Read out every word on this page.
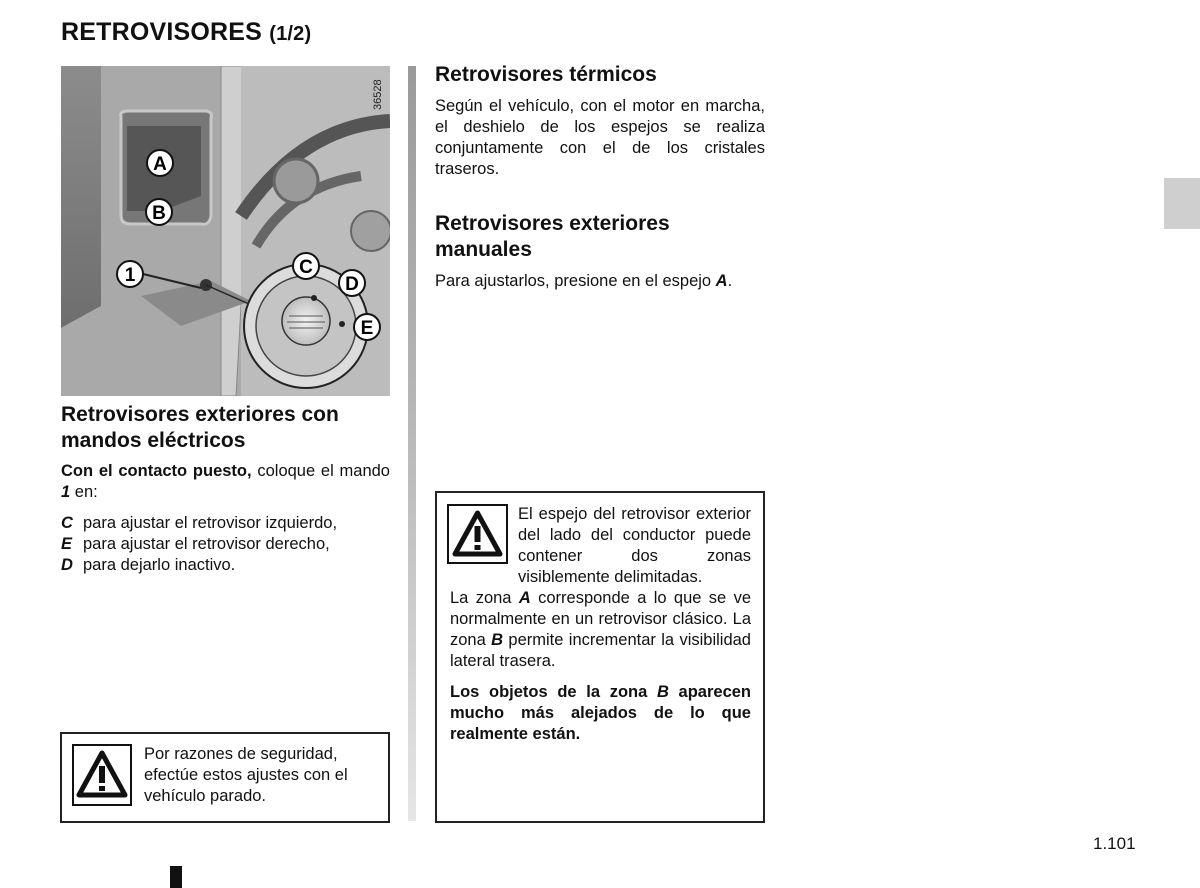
RETROVISORES (1/2)
A
B
1	C
D
E
36528
Retrovisores exteriores con mandos eléctricos
Con el contacto puesto, coloque el mando 1 en:
C para ajustar el retrovisor izquierdo,
E para ajustar el retrovisor derecho,
D para dejarlo inactivo.
Por razones de seguridad, efectúe estos ajustes con el vehículo parado.
Retrovisores térmicos
Según el vehículo, con el motor en marcha, el deshielo de los espejos se realiza conjuntamente con el de los cristales traseros.
Retrovisores exteriores manuales
Para ajustarlos, presione en el espejo A.
El espejo del retrovisor exterior del lado del conductor puede contener dos zonas visiblemente delimitadas.
La zona A corresponde a lo que se ve normalmente en un retrovisor clásico. La zona B permite incrementar la visibilidad lateral trasera.
Los objetos de la zona B aparecen mucho más alejados de lo que realmente están.
1.101
